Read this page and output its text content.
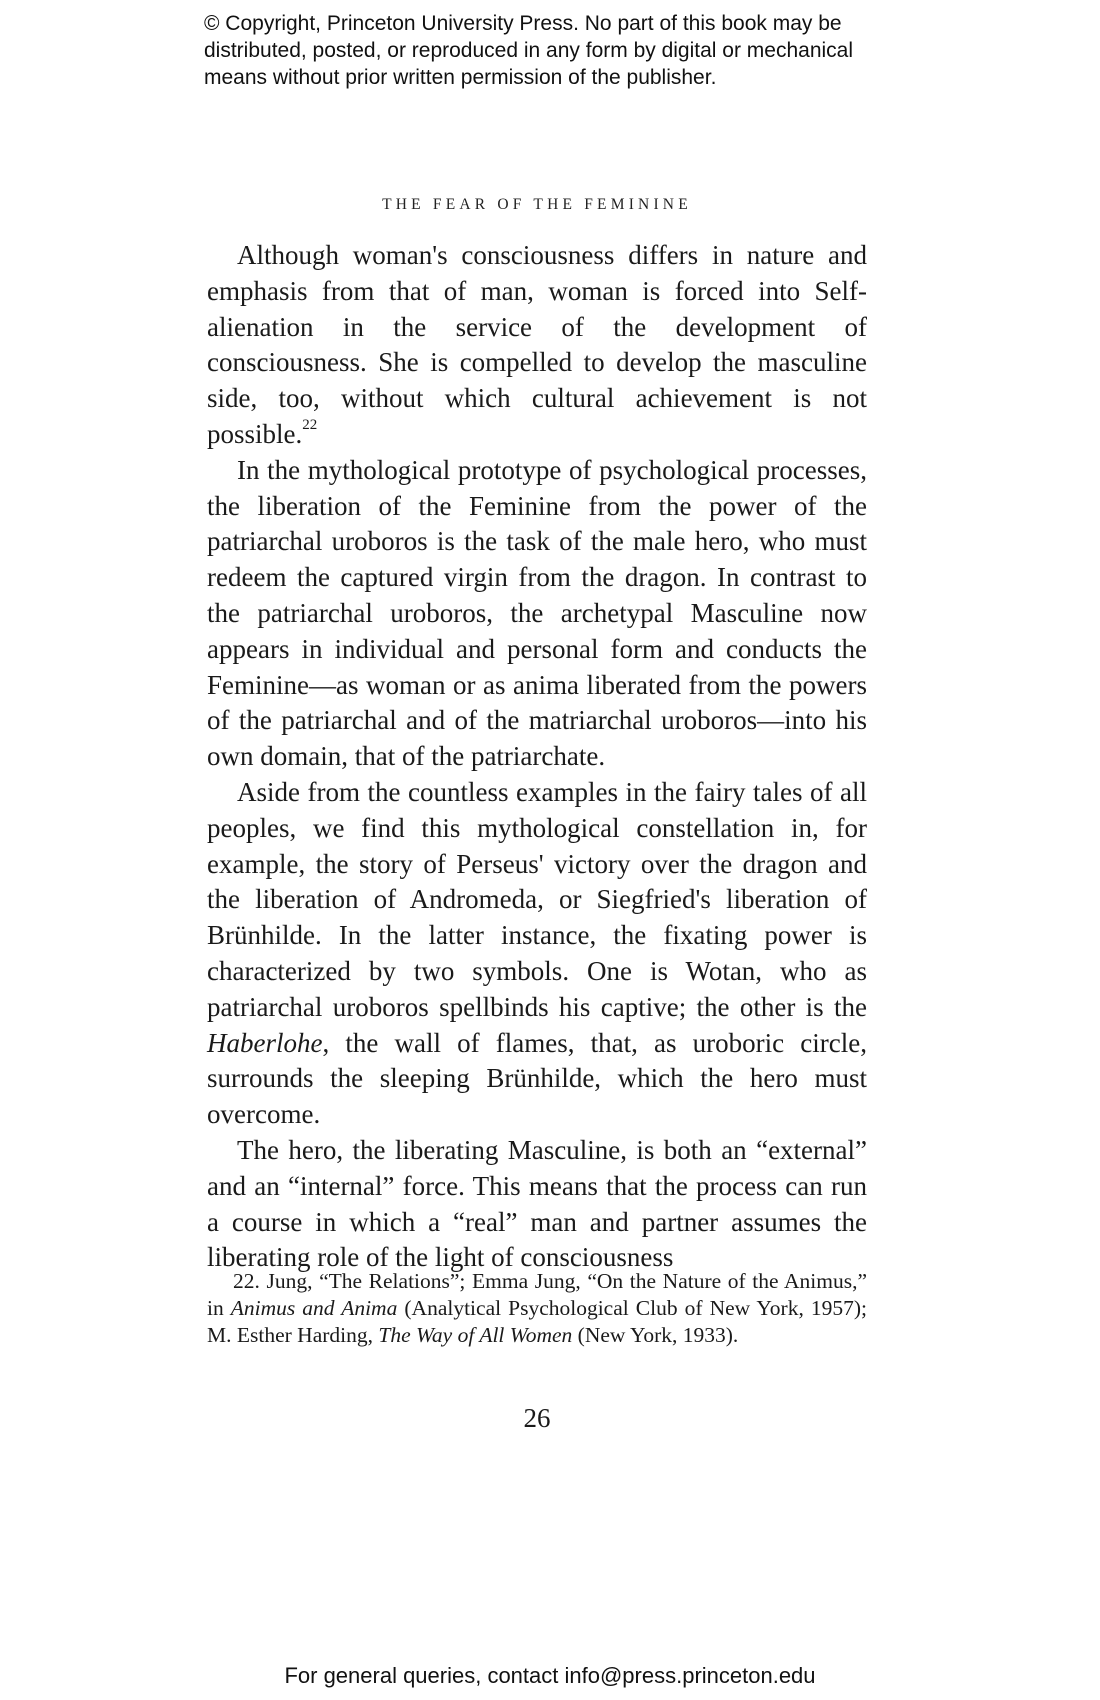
© Copyright, Princeton University Press. No part of this book may be distributed, posted, or reproduced in any form by digital or mechanical means without prior written permission of the publisher.
THE FEAR OF THE FEMININE

Although woman's consciousness differs in nature and emphasis from that of man, woman is forced into Self-alienation in the service of the development of consciousness. She is compelled to develop the masculine side, too, without which cultural achievement is not possible.$^{22}$

In the mythological prototype of psychological processes, the liberation of the Feminine from the power of the patriarchal uroboros is the task of the male hero, who must redeem the captured virgin from the dragon. In contrast to the patriarchal uroboros, the archetypal Masculine now appears in individual and personal form and conducts the Feminine—as woman or as anima liberated from the powers of the patriarchal and of the matriarchal uroboros—into his own domain, that of the patriarchate.

Aside from the countless examples in the fairy tales of all peoples, we find this mythological constellation in, for example, the story of Perseus' victory over the dragon and the liberation of Andromeda, or Siegfried's liberation of Brünhilde. In the latter instance, the fixating power is characterized by two symbols. One is Wotan, who as patriarchal uroboros spellbinds his captive; the other is the Haberlohe, the wall of flames, that, as uroboric circle, surrounds the sleeping Brünhilde, which the hero must overcome.

The hero, the liberating Masculine, is both an “external” and an “internal” force. This means that the process can run a course in which a “real” man and partner assumes the liberating role of the light of consciousness

22. Jung, “The Relations”; Emma Jung, “On the Nature of the Animus,” in Animus and Anima (Analytical Psychological Club of New York, 1957); M. Esther Harding, The Way of All Women (New York, 1933).
26
For general queries, contact info@press.princeton.edu
